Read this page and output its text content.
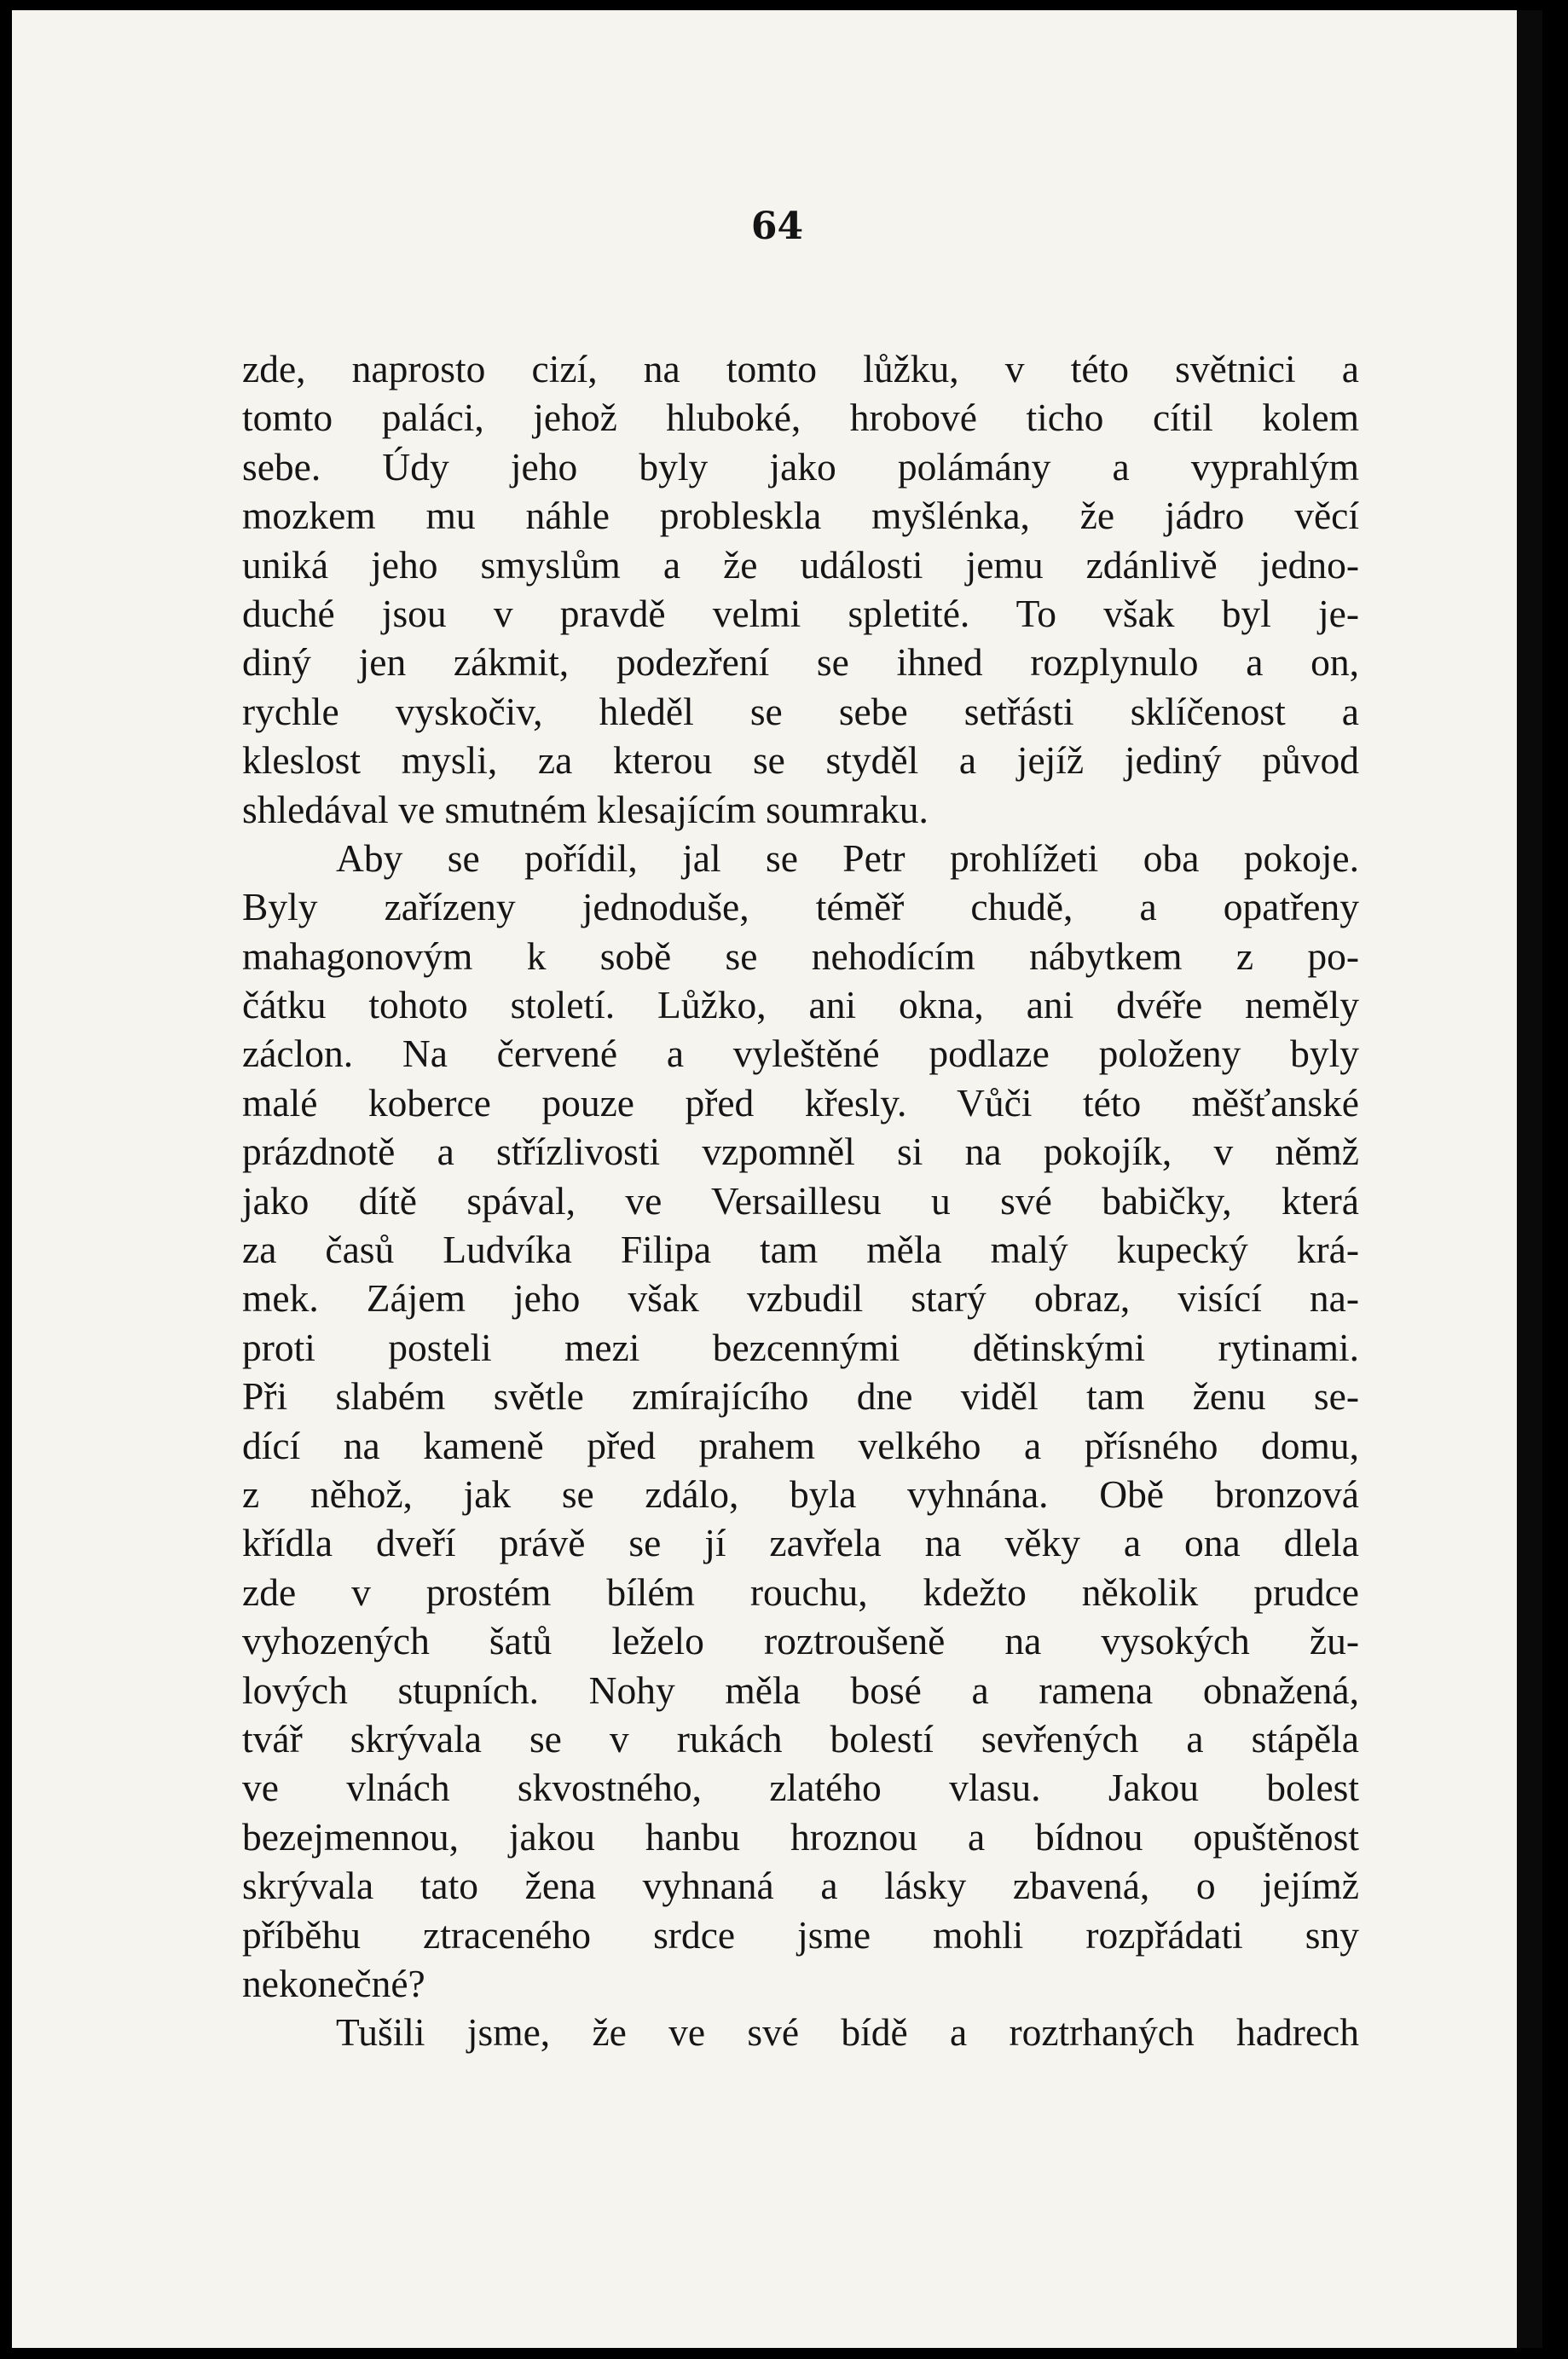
64

zde, naprosto cizí, na tomto lůžku, v této světnici a
tomto paláci, jehož hluboké, hrobové ticho cítil kolem
sebe. Údy jeho byly jako polámány a vyprahlým
mozkem mu náhle probleskla myšlénka, že jádro věcí
uniká jeho smyslům a že události jemu zdánlivě jedno-
duché jsou v pravdě velmi spletité. To však byl je-
diný jen zákmit, podezření se ihned rozplynulo a on,
rychle vyskočiv, hleděl se sebe setřásti sklíčenost a
kleslost mysli, za kterou se styděl a jejíž jediný původ
shledával ve smutném klesajícím soumraku.
Aby se pořídil, jal se Petr prohlížeti oba pokoje.
Byly zařízeny jednoduše, téměř chudě, a opatřeny
mahagonovým k sobě se nehodícím nábytkem z po-
čátku tohoto století. Lůžko, ani okna, ani dvéře neměly
záclon. Na červené a vyleštěné podlaze položeny byly
malé koberce pouze před křesly. Vůči této měšťanské
prázdnotě a střízlivosti vzpomněl si na pokojík, v němž
jako dítě spával, ve Versaillesu u své babičky, která
za časů Ludvíka Filipa tam měla malý kupecký krá-
mek. Zájem jeho však vzbudil starý obraz, visící na-
proti posteli mezi bezcennými dětinskými rytinami.
Při slabém světle zmírajícího dne viděl tam ženu se-
dící na kameně před prahem velkého a přísného domu,
z něhož, jak se zdálo, byla vyhnána. Obě bronzová
křídla dveří právě se jí zavřela na věky a ona dlela
zde v prostém bílém rouchu, kdežto několik prudce
vyhozených šatů leželo roztroušeně na vysokých žu-
lových stupních. Nohy měla bosé a ramena obnažená,
tvář skrývala se v rukách bolestí sevřených a stápěla
ve vlnách skvostného, zlatého vlasu. Jakou bolest
bezejmennou, jakou hanbu hroznou a bídnou opuštěnost
skrývala tato žena vyhnaná a lásky zbavená, o jejímž
příběhu ztraceného srdce jsme mohli rozpřádati sny
nekonečné?
Tušili jsme, že ve své bídě a roztrhaných hadrech
